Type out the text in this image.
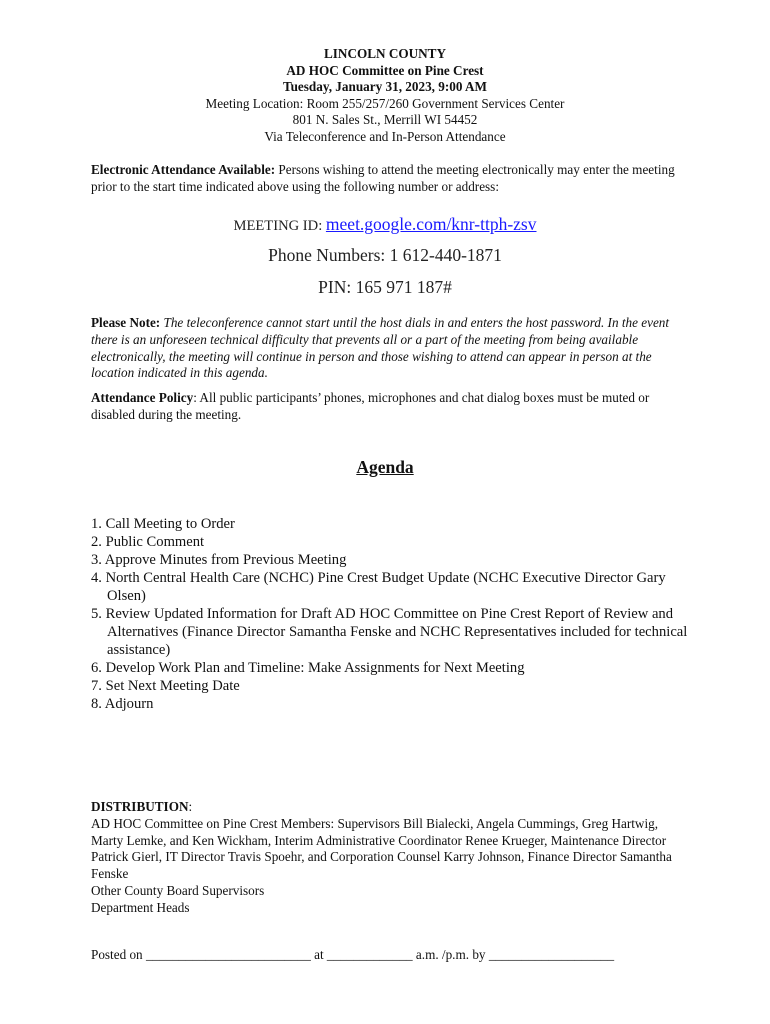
LINCOLN COUNTY
AD HOC Committee on Pine Crest
Tuesday, January 31, 2023, 9:00 AM
Meeting Location: Room 255/257/260 Government Services Center
801 N. Sales St., Merrill WI 54452
Via Teleconference and In-Person Attendance
Electronic Attendance Available: Persons wishing to attend the meeting electronically may enter the meeting prior to the start time indicated above using the following number or address:
MEETING ID: meet.google.com/knr-ttph-zsv
Phone Numbers: 1 612-440-1871
PIN: 165 971 187#
Please Note: The teleconference cannot start until the host dials in and enters the host password. In the event there is an unforeseen technical difficulty that prevents all or a part of the meeting from being available electronically, the meeting will continue in person and those wishing to attend can appear in person at the location indicated in this agenda.
Attendance Policy: All public participants’ phones, microphones and chat dialog boxes must be muted or disabled during the meeting.
Agenda
1. Call Meeting to Order
2. Public Comment
3. Approve Minutes from Previous Meeting
4. North Central Health Care (NCHC) Pine Crest Budget Update (NCHC Executive Director Gary Olsen)
5. Review Updated Information for Draft AD HOC Committee on Pine Crest Report of Review and Alternatives (Finance Director Samantha Fenske and NCHC Representatives included for technical assistance)
6. Develop Work Plan and Timeline: Make Assignments for Next Meeting
7. Set Next Meeting Date
8. Adjourn
DISTRIBUTION:
AD HOC Committee on Pine Crest Members: Supervisors Bill Bialecki, Angela Cummings, Greg Hartwig, Marty Lemke, and Ken Wickham, Interim Administrative Coordinator Renee Krueger, Maintenance Director Patrick Gierl, IT Director Travis Spoehr, and Corporation Counsel Karry Johnson, Finance Director Samantha Fenske
Other County Board Supervisors
Department Heads
Posted on _________________________ at _____________ a.m. /p.m. by ___________________
